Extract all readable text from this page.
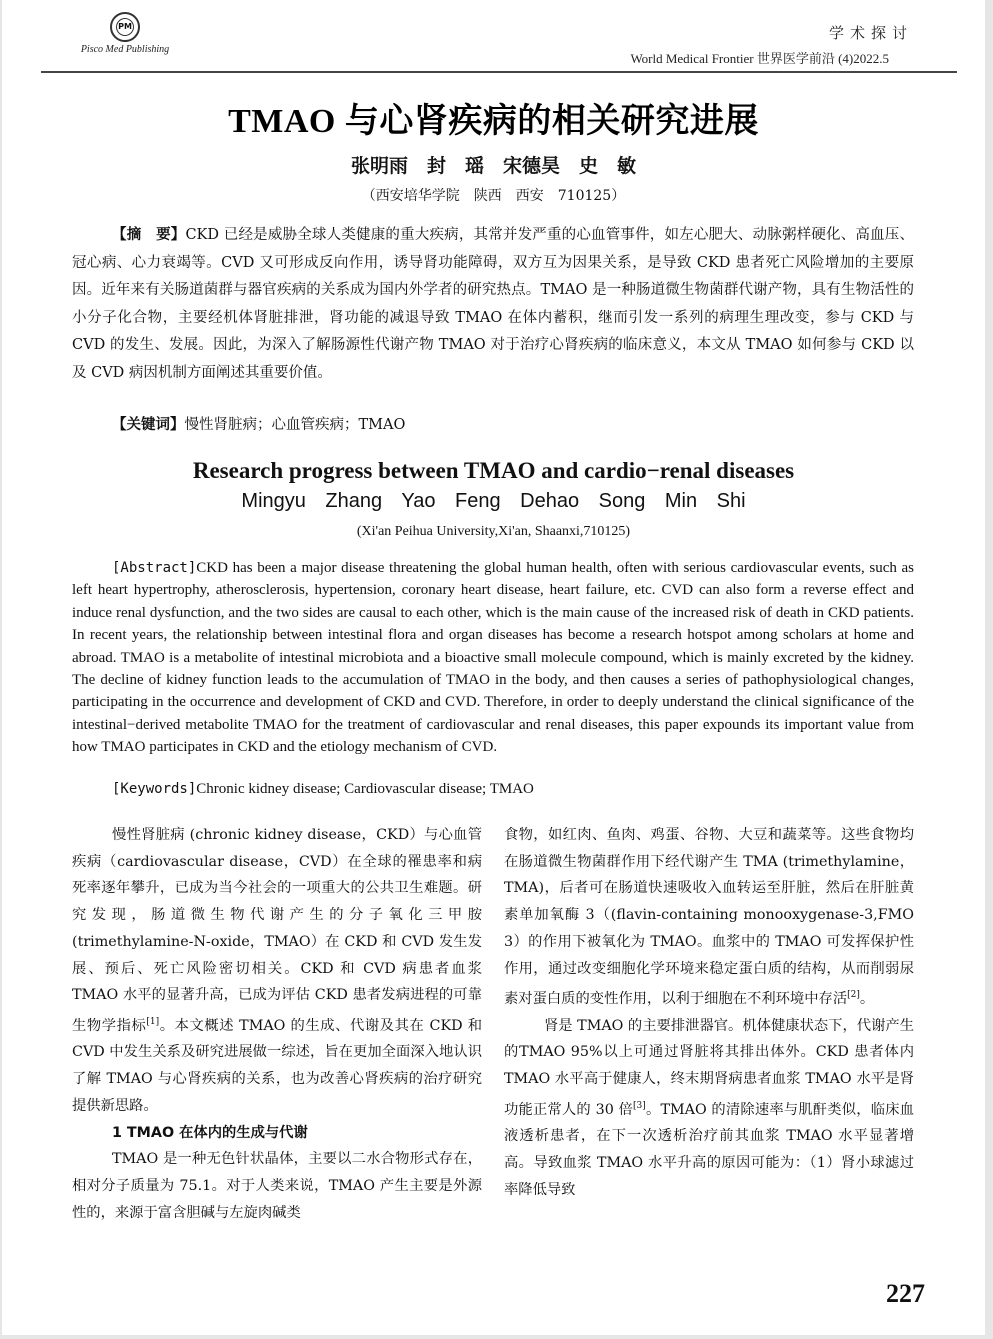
PM
Pisco Med Publishing
学术探讨
World Medical Frontier 世界医学前沿 (4)2022.5
TMAO 与心肾疾病的相关研究进展
张明雨　封　瑶　宋德昊　史　敏
（西安培华学院　陕西　西安　710125）
【摘　要】CKD 已经是威胁全球人类健康的重大疾病，其常并发严重的心血管事件，如左心肥大、动脉粥样硬化、高血压、冠心病、心力衰竭等。CVD 又可形成反向作用，诱导肾功能障碍，双方互为因果关系，是导致 CKD 患者死亡风险增加的主要原因。近年来有关肠道菌群与器官疾病的关系成为国内外学者的研究热点。TMAO 是一种肠道微生物菌群代谢产物，具有生物活性的小分子化合物，主要经机体肾脏排泄，肾功能的减退导致 TMAO 在体内蓄积，继而引发一系列的病理生理改变，参与 CKD 与 CVD 的发生、发展。因此，为深入了解肠源性代谢产物 TMAO 对于治疗心肾疾病的临床意义，本文从 TMAO 如何参与 CKD 以及 CVD 病因机制方面阐述其重要价值。
【关键词】慢性肾脏病；心血管疾病；TMAO
Research progress between TMAO and cardio−renal diseases
Mingyu Zhang Yao Feng Dehao Song Min Shi
(Xi'an Peihua University,Xi'an, Shaanxi,710125)
[Abstract]CKD has been a major disease threatening the global human health, often with serious cardiovascular events, such as left heart hypertrophy, atherosclerosis, hypertension, coronary heart disease, heart failure, etc. CVD can also form a reverse effect and induce renal dysfunction, and the two sides are causal to each other, which is the main cause of the increased risk of death in CKD patients. In recent years, the relationship between intestinal flora and organ diseases has become a research hotspot among scholars at home and abroad. TMAO is a metabolite of intestinal microbiota and a bioactive small molecule compound, which is mainly excreted by the kidney. The decline of kidney function leads to the accumulation of TMAO in the body, and then causes a series of pathophysiological changes, participating in the occurrence and development of CKD and CVD. Therefore, in order to deeply understand the clinical significance of the intestinal−derived metabolite TMAO for the treatment of cardiovascular and renal diseases, this paper expounds its important value from how TMAO participates in CKD and the etiology mechanism of CVD.
[Keywords]Chronic kidney disease; Cardiovascular disease; TMAO

慢性肾脏病 (chronic kidney disease，CKD）与心血管疾病（cardiovascular disease，CVD）在全球的罹患率和病死率逐年攀升，已成为当今社会的一项重大的公共卫生难题。研究发现，肠道微生物代谢产生的分子氧化三甲胺 (trimethylamine-N-oxide，TMAO）在 CKD 和 CVD 发生发展、预后、死亡风险密切相关。CKD 和 CVD 病患者血浆 TMAO 水平的显著升高，已成为评估 CKD 患者发病进程的可靠生物学指标[1]。本文概述 TMAO 的生成、代谢及其在 CKD 和 CVD 中发生关系及研究进展做一综述，旨在更加全面深入地认识了解 TMAO 与心肾疾病的关系，也为改善心肾疾病的治疗研究提供新思路。

1 TMAO 在体内的生成与代谢

TMAO 是一种无色针状晶体，主要以二水合物形式存在，相对分子质量为 75.1。对于人类来说，TMAO 产生主要是外源性的，来源于富含胆碱与左旋肉碱类

食物，如红肉、鱼肉、鸡蛋、谷物、大豆和蔬菜等。这些食物均在肠道微生物菌群作用下经代谢产生 TMA (trimethylamine，TMA)，后者可在肠道快速吸收入血转运至肝脏，然后在肝脏黄素单加氧酶 3（(flavin-containing monooxygenase-3,FMO 3）的作用下被氧化为 TMAO。血浆中的 TMAO 可发挥保护性作用，通过改变细胞化学环境来稳定蛋白质的结构，从而削弱尿素对蛋白质的变性作用，以利于细胞在不利环境中存活[2]。

肾是 TMAO 的主要排泄器官。机体健康状态下，代谢产生的TMAO 95%以上可通过肾脏将其排出体外。CKD 患者体内 TMAO 水平高于健康人，终末期肾病患者血浆 TMAO 水平是肾功能正常人的 30 倍[3]。TMAO 的清除速率与肌酐类似，临床血液透析患者，在下一次透析治疗前其血浆 TMAO 水平显著增高。导致血浆 TMAO 水平升高的原因可能为：（1）肾小球滤过率降低导致

227
